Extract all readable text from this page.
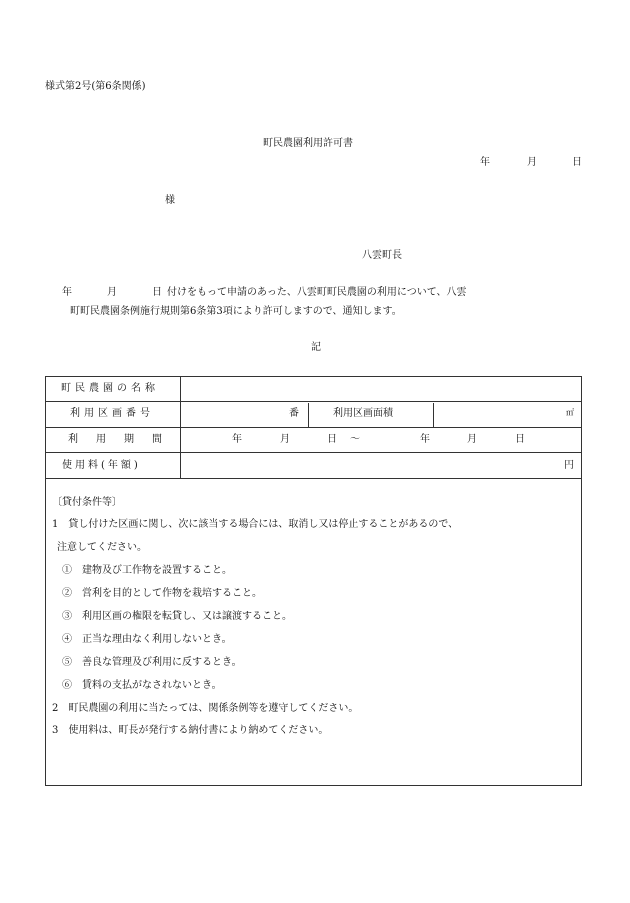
様式第2号(第6条関係)
町民農園利用許可書
年	月	日
様
八雲町長
年	月	日 付けをもって申請のあった、八雲町町民農園の利用について、八雲
町町民農園条例施行規則第6条第3項により許可しますので、通知します。
記
町民農園の名称
利用区画番号	番	利用区画面積	㎡
利用期間	年	月	日 ～	年	月	日
使用料(年額)	円
〔貸付条件等〕
1　貸し付けた区画に関し、次に該当する場合には、取消し又は停止することがあるので、
注意してください。
①　建物及び工作物を設置すること。
②　営利を目的として作物を栽培すること。
③　利用区画の権限を転貸し、又は譲渡すること。
④　正当な理由なく利用しないとき。
⑤　善良な管理及び利用に反するとき。
⑥　賃料の支払がなされないとき。
2　町民農園の利用に当たっては、関係条例等を遵守してください。
3　使用料は、町長が発行する納付書により納めてください。
